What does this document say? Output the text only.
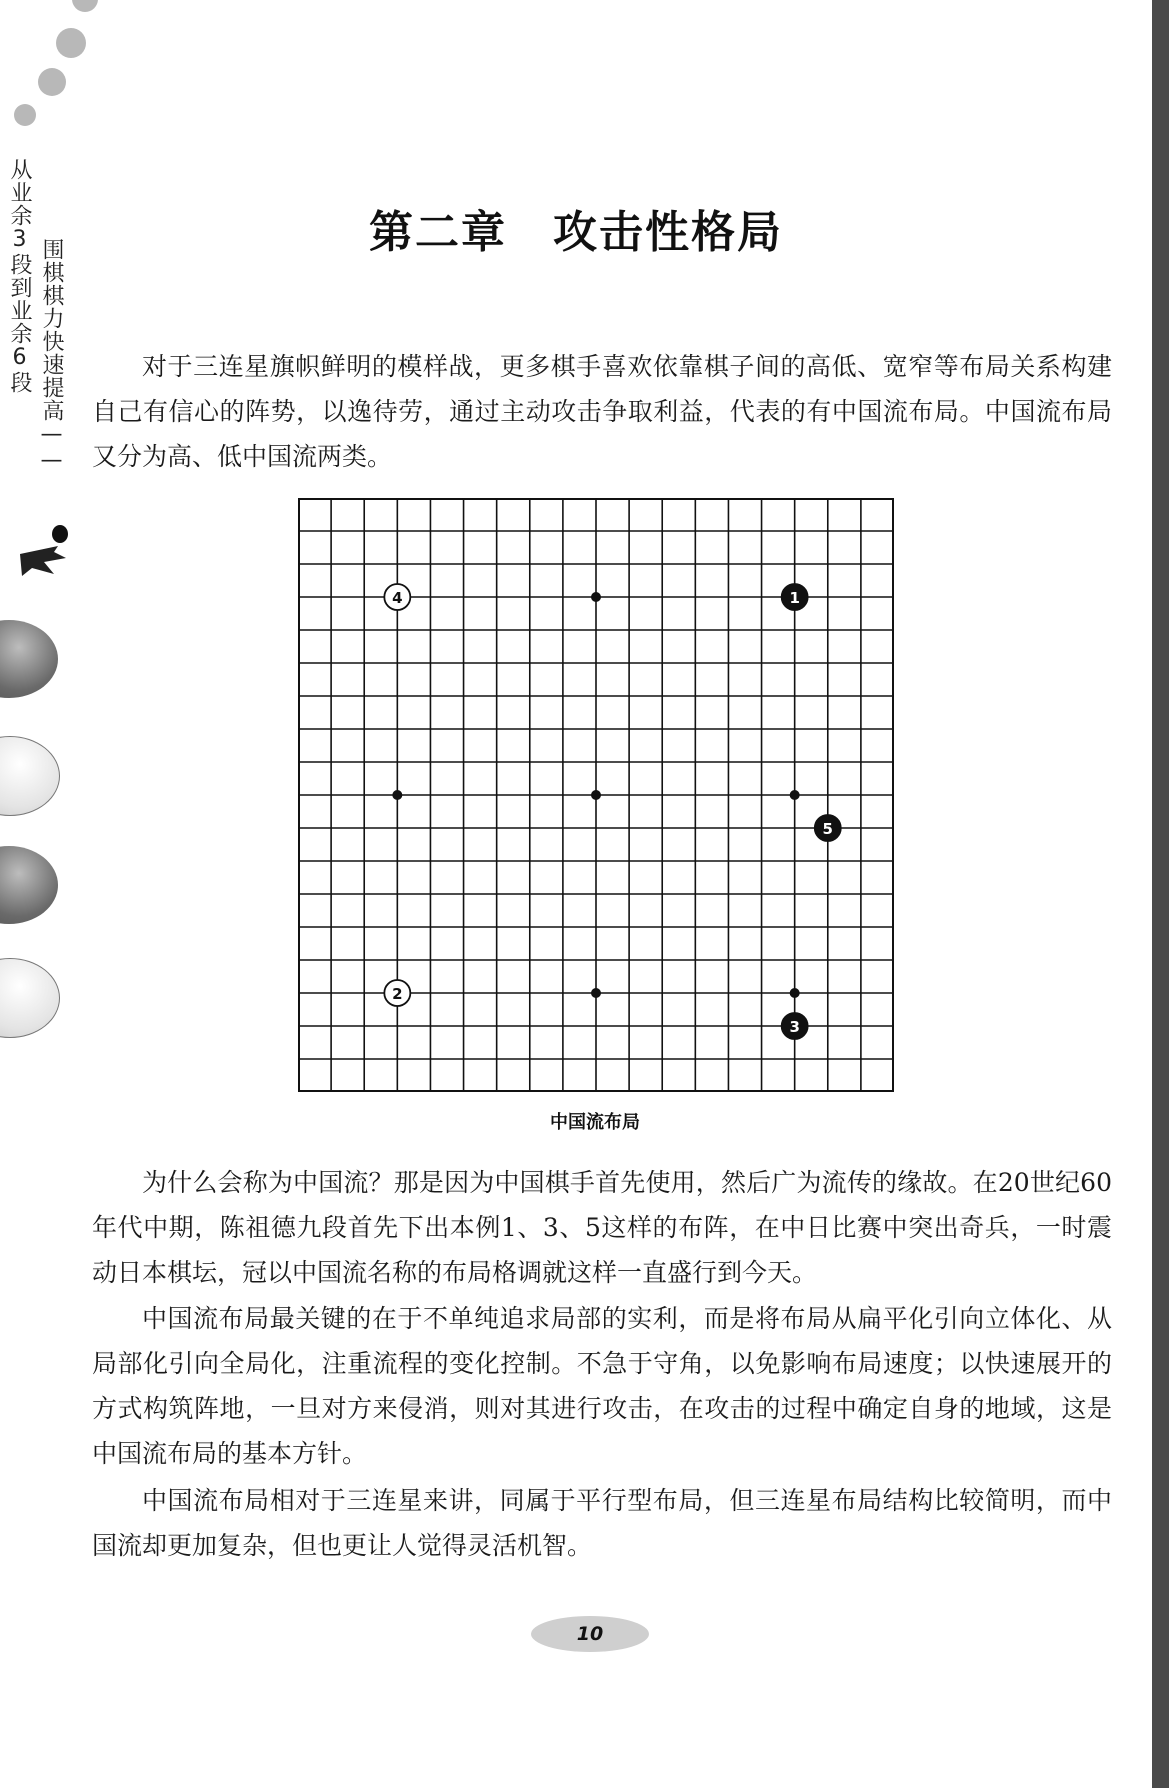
从业余3段到业余6段 围棋棋力快速提高——
第二章　攻击性格局

对于三连星旗帜鲜明的模样战，更多棋手喜欢依靠棋子间的高低、宽窄等布局关系构建自己有信心的阵势，以逸待劳，通过主动攻击争取利益，代表的有中国流布局。中国流布局又分为高、低中国流两类。

1
2
3
4
5
中国流布局

为什么会称为中国流？那是因为中国棋手首先使用，然后广为流传的缘故。在20世纪60年代中期，陈祖德九段首先下出本例1、3、5这样的布阵，在中日比赛中突出奇兵，一时震动日本棋坛，冠以中国流名称的布局格调就这样一直盛行到今天。

中国流布局最关键的在于不单纯追求局部的实利，而是将布局从扁平化引向立体化、从局部化引向全局化，注重流程的变化控制。不急于守角，以免影响布局速度；以快速展开的方式构筑阵地，一旦对方来侵消，则对其进行攻击，在攻击的过程中确定自身的地域，这是中国流布局的基本方针。

中国流布局相对于三连星来讲，同属于平行型布局，但三连星布局结构比较简明，而中国流却更加复杂，但也更让人觉得灵活机智。

10
